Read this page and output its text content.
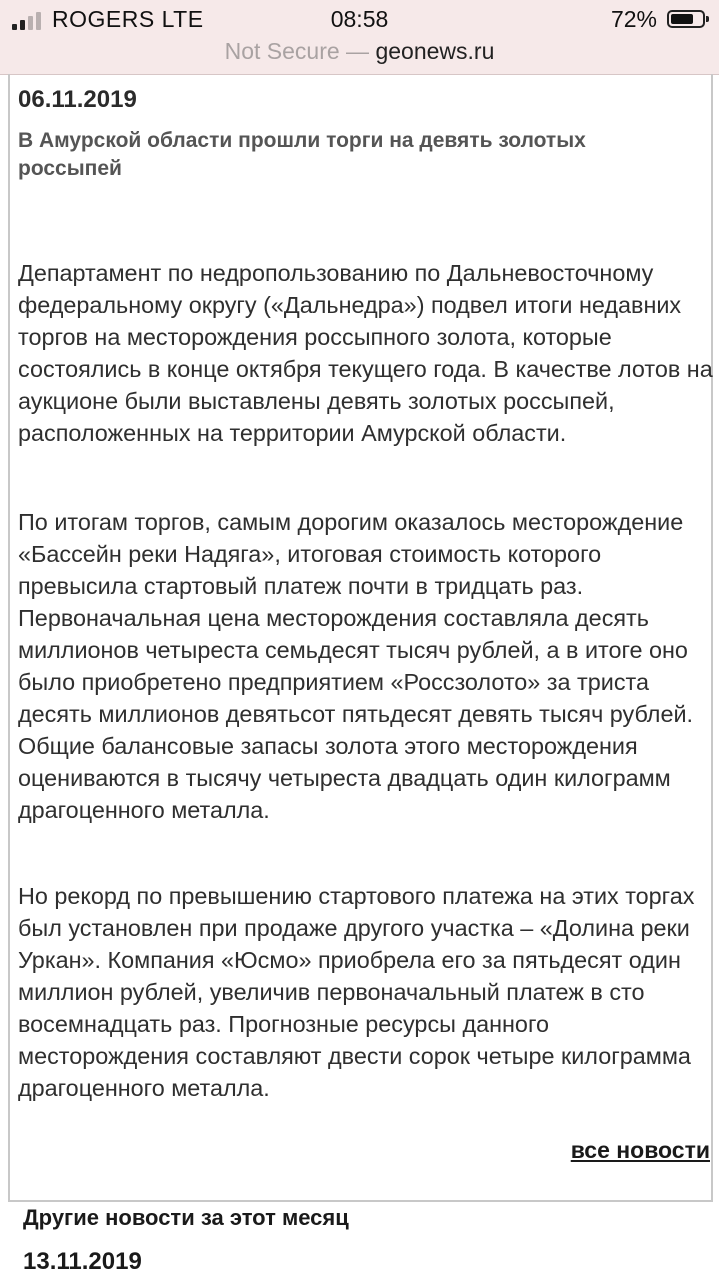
ROGERS LTE	08:58	72%
Not Secure — geonews.ru
06.11.2019
В Амурской области прошли торги на девять золотых россыпей

Департамент по недропользованию по Дальневосточному федеральному округу («Дальнедра») подвел итоги недавних торгов на месторождения россыпного золота, которые состоялись в конце октября текущего года. В качестве лотов на аукционе были выставлены девять золотых россыпей, расположенных на территории Амурской области.

По итогам торгов, самым дорогим оказалось месторождение «Бассейн реки Надяга», итоговая стоимость которого превысила стартовый платеж почти в тридцать раз. Первоначальная цена месторождения составляла десять миллионов четыреста семьдесят тысяч рублей, а в итоге оно было приобретено предприятием «Россзолото» за триста десять миллионов девятьсот пятьдесят девять тысяч рублей. Общие балансовые запасы золота этого месторождения оцениваются в тысячу четыреста двадцать один килограмм драгоценного металла.

Но рекорд по превышению стартового платежа на этих торгах был установлен при продаже другого участка – «Долина реки Уркан». Компания «Юсмо» приобрела его за пятьдесят один миллион рублей, увеличив первоначальный платеж в сто восемнадцать раз. Прогнозные ресурсы данного месторождения составляют двести сорок четыре килограмма драгоценного металла.

все новости
Другие новости за этот месяц
13.11.2019
